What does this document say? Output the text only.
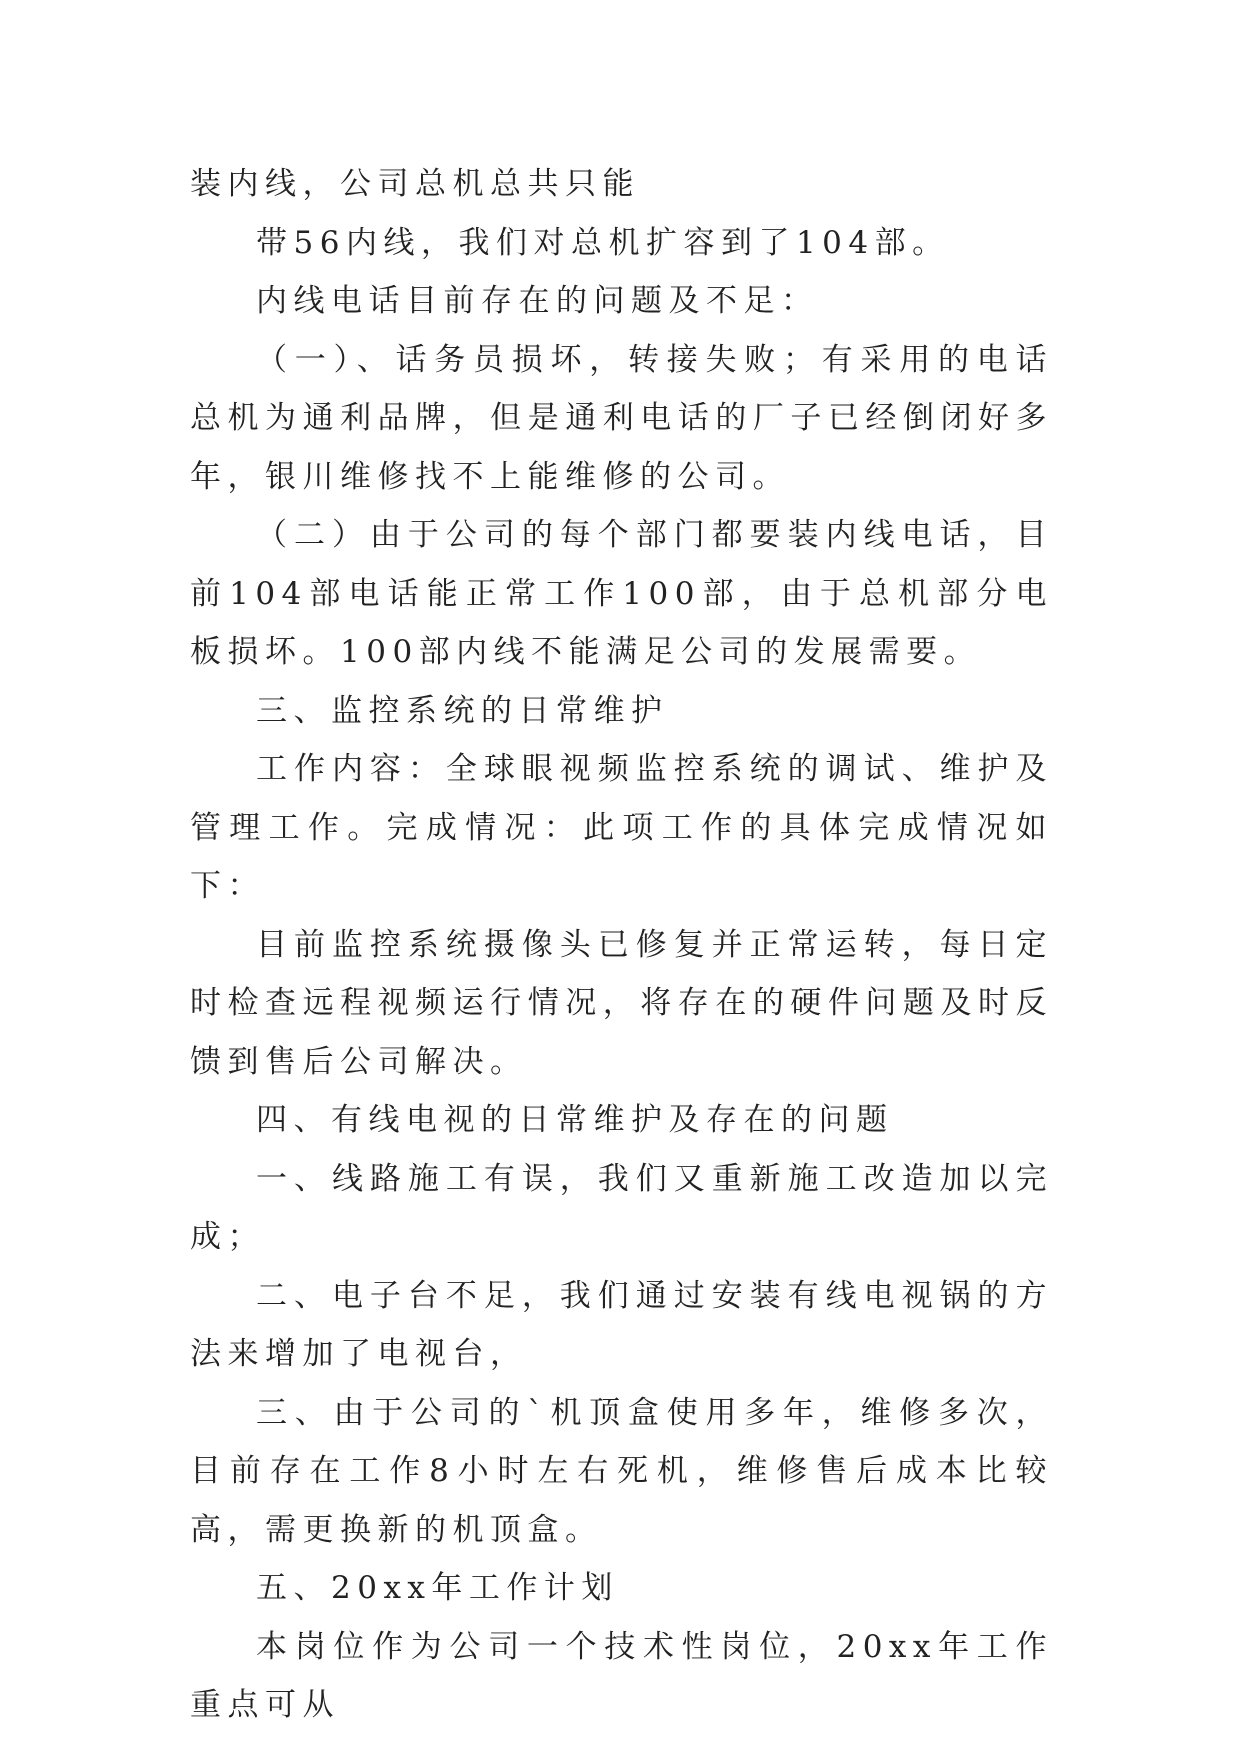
装内线，公司总机总共只能

带56内线，我们对总机扩容到了104部。

内线电话目前存在的问题及不足：

（一）、话务员损坏，转接失败；有采用的电话总机为通利品牌，但是通利电话的厂子已经倒闭好多年，银川维修找不上能维修的公司。

（二）由于公司的每个部门都要装内线电话，目前104部电话能正常工作100部，由于总机部分电板损坏。100部内线不能满足公司的发展需要。

三、监控系统的日常维护

工作内容：全球眼视频监控系统的调试、维护及管理工作。完成情况：此项工作的具体完成情况如下：

目前监控系统摄像头已修复并正常运转，每日定时检查远程视频运行情况，将存在的硬件问题及时反馈到售后公司解决。

四、有线电视的日常维护及存在的问题

一、线路施工有误，我们又重新施工改造加以完成；

二、电子台不足，我们通过安装有线电视锅的方法来增加了电视台，

三、由于公司的`机顶盒使用多年，维修多次，目前存在工作8小时左右死机，维修售后成本比较高，需更换新的机顶盒。

五、20xx年工作计划

本岗位作为公司一个技术性岗位，20xx年工作重点可从
